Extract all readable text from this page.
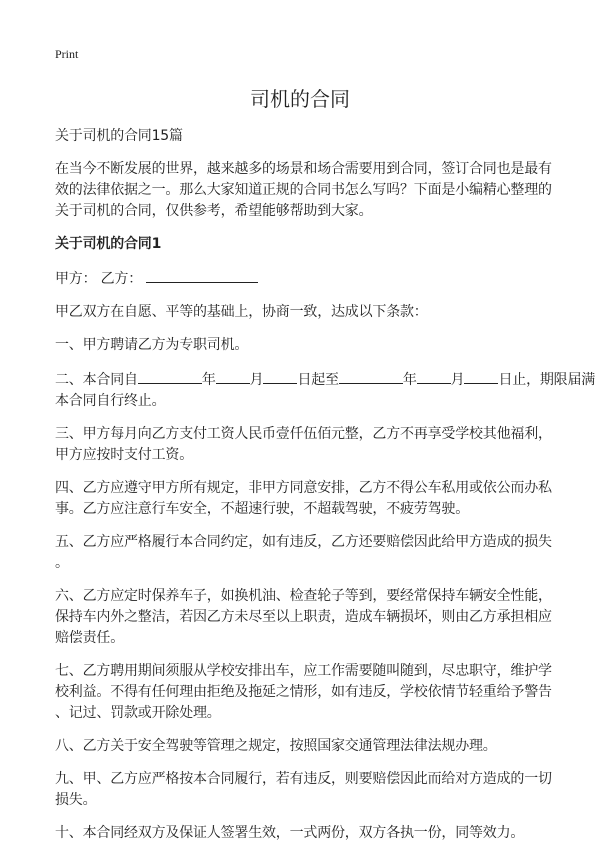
Print
司机的合同

关于司机的合同15篇

在当今不断发展的世界，越来越多的场景和场合需要用到合同，签订合同也是最有
效的法律依据之一。那么大家知道正规的合同书怎么写吗？下面是小编精心整理的
关于司机的合同，仅供参考，希望能够帮助到大家。

关于司机的合同1

甲方： 乙方：

甲乙双方在自愿、平等的基础上，协商一致，达成以下条款：

一、甲方聘请乙方为专职司机。

二、本合同自	年 月 日起至	年 月 日止，期限届满
本合同自行终止。

三、甲方每月向乙方支付工资人民币壹仟伍佰元整，乙方不再享受学校其他福利，
甲方应按时支付工资。

四、乙方应遵守甲方所有规定，非甲方同意安排，乙方不得公车私用或依公而办私
事。乙方应注意行车安全，不超速行驶，不超载驾驶，不疲劳驾驶。

五、乙方应严格履行本合同约定，如有违反，乙方还要赔偿因此给甲方造成的损失
。

六、乙方应定时保养车子，如换机油、检查轮子等到，要经常保持车辆安全性能，
保持车内外之整洁，若因乙方未尽至以上职责，造成车辆损坏，则由乙方承担相应
赔偿责任。

七、乙方聘用期间须服从学校安排出车，应工作需要随叫随到，尽忠职守，维护学
校利益。不得有任何理由拒绝及拖延之情形，如有违反，学校依情节轻重给予警告
、记过、罚款或开除处理。

八、乙方关于安全驾驶等管理之规定，按照国家交通管理法律法规办理。

九、甲、乙方应严格按本合同履行，若有违反，则要赔偿因此而给对方造成的一切
损失。

十、本合同经双方及保证人签署生效，一式两份，双方各执一份，同等效力。
